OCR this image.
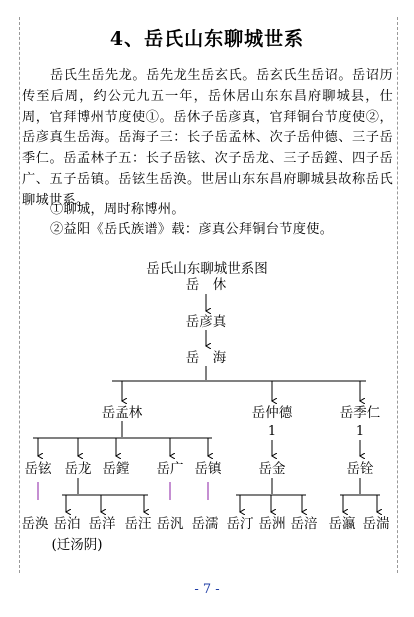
4、岳氏山东聊城世系

岳氏生岳先龙。岳先龙生岳玄氏。岳玄氏生岳诏。岳诏历传至后周，约公元九五一年，岳休居山东东昌府聊城县，仕周，官拜博州节度使①。岳休子岳彦真，官拜铜台节度使②，岳彦真生岳海。岳海子三：长子岳孟林、次子岳仲德、三子岳季仁。岳孟林子五：长子岳铉、次子岳龙、三子岳鏜、四子岳广、五子岳镇。岳铉生岳涣。世居山东东昌府聊城县故称岳氏聊城世系。

①聊城，周时称博州。

②益阳《岳氏族谱》载：彦真公拜铜台节度使。

岳氏山东聊城世系图
岳　休
岳彦真
岳　海
岳孟林	岳仲德	岳季仁
1	1
岳铉 岳龙 岳鏜 岳广 岳镇	岳金	岳铨
岳涣 岳泊 岳洋 岳汪 岳汎 岳濡 岳汀 岳洲 岳涪 岳瀛 岳湍
(迁汤阴)
- 7 -
